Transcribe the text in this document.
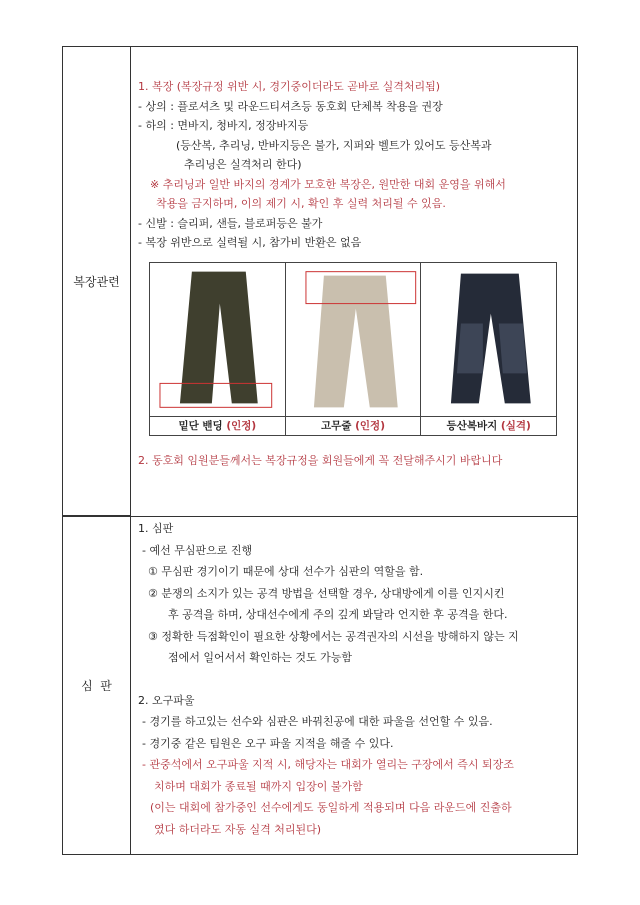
복장관련
심  판
1. 복장 (복장규정 위반 시, 경기중이더라도 곧바로 실격처리됨)
- 상의 : 플로셔츠 및 라운드티셔츠등 동호회 단체복 착용을 권장
- 하의 : 면바지, 청바지, 정장바지등
(등산복, 추리닝, 반바지등은 불가, 지퍼와 벨트가 있어도 등산복과
추리닝은 실격처리 한다)
※ 추리닝과 일반 바지의 경계가 모호한 복장은, 원만한 대회 운영을 위해서
착용을 금지하며, 이의 제기 시, 확인 후 실력 처리될 수 있음.
- 신발 : 슬리퍼, 샌들, 블로퍼등은 불가
- 복장 위반으로 실력될 시, 참가비 반환은 없음
밑단 밴딩 (인정)	고무줄 (인정)	등산복바지 (실격)
2. 동호회 임원분들께서는 복장규정을 회원들에게 꼭 전달해주시기 바랍니다
1. 심판
- 예선 무심판으로 진행
① 무심판 경기이기 때문에 상대 선수가 심판의 역할을 함.
② 분쟁의 소지가 있는 공격 방법을 선택할 경우, 상대방에게 이를 인지시킨
후 공격을 하며, 상대선수에게 주의 깊게 봐달라 언지한 후 공격을 한다.
③ 정확한 득점확인이 필요한 상황에서는 공격권자의 시선을 방해하지 않는 지
점에서 일어서서 확인하는 것도 가능함
2. 오구파울
- 경기를 하고있는 선수와 심판은 바꿔친공에 대한 파울을 선언할 수 있음.
- 경기중 같은 팀원은 오구 파울 지적을 해줄 수 있다.
- 관중석에서 오구파울 지적 시, 해당자는 대회가 열리는 구장에서 즉시 퇴장조
치하며 대회가 종료될 때까지 입장이 불가함
(이는 대회에 참가중인 선수에게도 동일하게 적용되며 다음 라운드에 진출하
였다 하더라도 자동 실격 처리된다)
